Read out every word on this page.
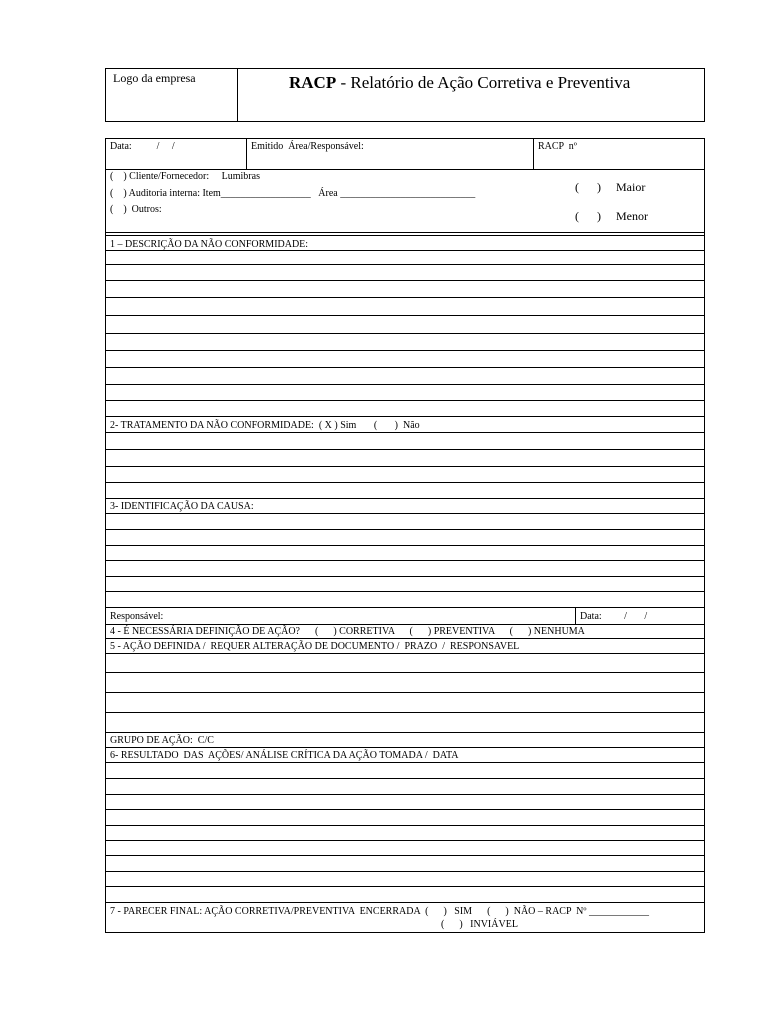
Logo da empresa	RACP - Relatório de Ação Corretiva e Preventiva
Data:          /     /	Emitido  Área/Responsável:	RACP  nº
(    ) Cliente/Fornecedor:     Lumibras
(    ) Auditoria interna: Item__________________   Área ___________________________
(    )  Outros:
(      )     Maior
(      )     Menor
1 – DESCRIÇÃO DA NÃO CONFORMIDADE:
2- TRATAMENTO DA NÃO CONFORMIDADE:  ( X ) Sim       (       )  Não
3- IDENTIFICAÇÃO DA CAUSA:
Responsável:	Data:         /       /
4 - É NECESSÁRIA DEFINIÇÃO DE AÇÃO?      (      ) CORRETIVA      (      ) PREVENTIVA      (      ) NENHUMA
5 - AÇÃO DEFINIDA /  REQUER ALTERAÇÃO DE DOCUMENTO /  PRAZO  /  RESPONSAVEL
GRUPO DE AÇÃO:  C/C
6- RESULTADO  DAS  AÇÕES/ ANÁLISE CRÍTICA DA AÇÃO TOMADA /  DATA
7 - PARECER FINAL: AÇÃO CORRETIVA/PREVENTIVA  ENCERRADA  (      )   SIM      (      )  NÃO – RACP  Nº ____________
(      )   INVIÁVEL
